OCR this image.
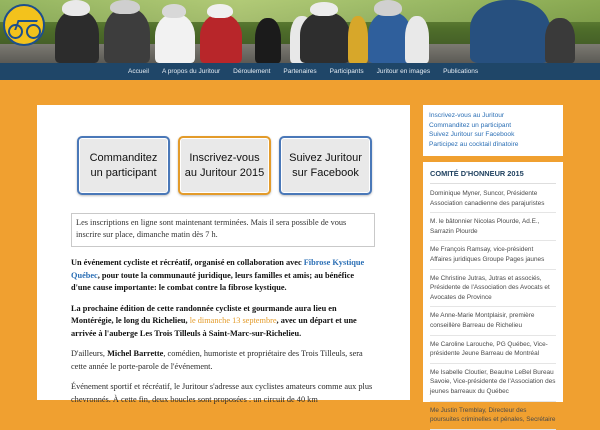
Accueil A propos du Juritour Déroulement Partenaires Participants Juritour en images Publications
Commanditez un participant
Inscrivez-vous au Juritour 2015
Suivez Juritour sur Facebook
Les inscriptions en ligne sont maintenant terminées. Mais il sera possible de vous inscrire sur place, dimanche matin dès 7 h.

Un événement cycliste et récréatif, organisé en collaboration avec Fibrose Kystique Québec, pour toute la communauté juridique, leurs familles et amis; au bénéfice d'une cause importante: le combat contre la fibrose kystique.

La prochaine édition de cette randonnée cycliste et gourmande aura lieu en Montérégie, le long du Richelieu, le dimanche 13 septembre, avec un départ et une arrivée à l'auberge Les Trois Tilleuls à Saint-Marc-sur-Richelieu.

D'ailleurs, Michel Barrette, comédien, humoriste et propriétaire des Trois Tilleuls, sera cette année le porte-parole de l'événement.

Événement sportif et récréatif, le Juritour s'adresse aux cyclistes amateurs comme aux plus chevronnés. À cette fin, deux boucles sont proposées : un circuit de 40 km

Inscrivez-vous au Juritour
Commanditez un participant
Suivez Juritour sur Facebook
Participez au cocktail dînatoire
COMITÉ D'HONNEUR 2015
Dominique Myner, Suncor, Présidente Association canadienne des parajuristes
M. le bâtonnier Nicolas Plourde, Ad.E., Sarrazin Plourde
Me François Ramsay, vice-président Affaires juridiques Groupe Pages jaunes
Me Christine Jutras, Jutras et associés, Présidente de l'Association des Avocats et Avocates de Province
Me Anne-Marie Montplaisir, première conseillère Barreau de Richelieu
Me Caroline Larouche, PG Québec, Vice-présidente Jeune Barreau de Montréal
Me Isabelle Cloutier, Beaulne LeBel Bureau Savoie, Vice-présidente de l'Association des jeunes barreaux du Québec
Me Justin Tremblay, Directeur des poursuites criminelles et pénales, Secrétaire
